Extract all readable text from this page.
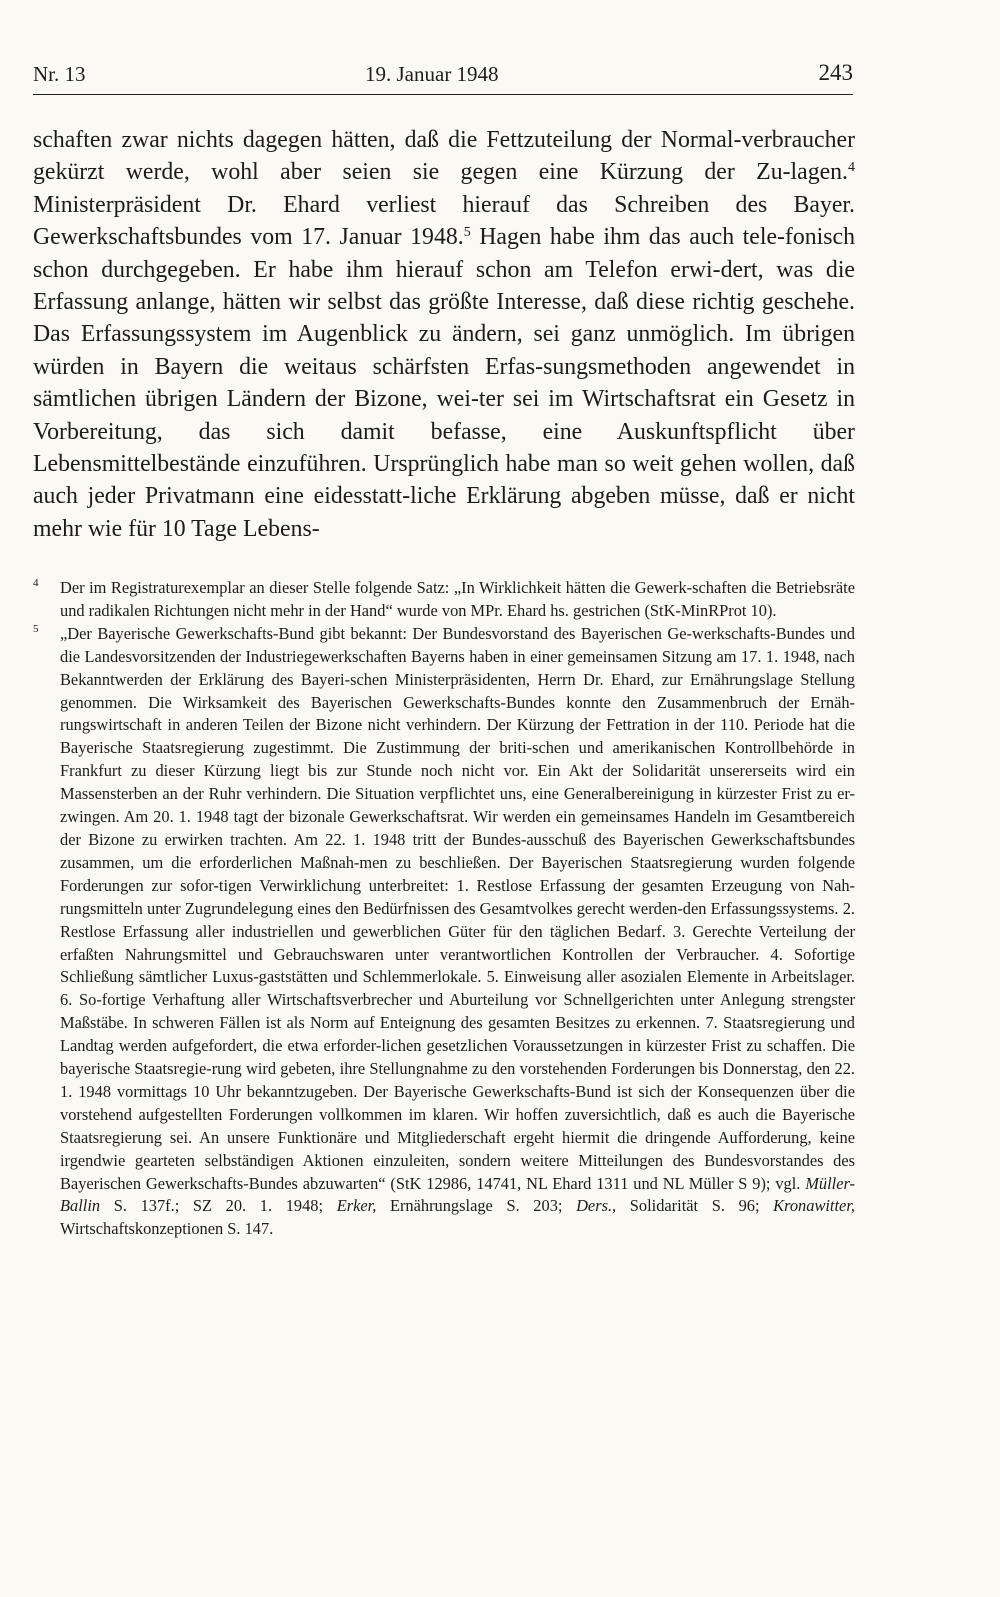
Nr. 13	19. Januar 1948	243

schaften zwar nichts dagegen hätten, daß die Fettzuteilung der Normal-verbraucher gekürzt werde, wohl aber seien sie gegen eine Kürzung der Zu-lagen.$^4$ Ministerpräsident Dr. Ehard verliest hierauf das Schreiben des Bayer. Gewerkschaftsbundes vom 17. Januar 1948.$^5$ Hagen habe ihm das auch tele-fonisch schon durchgegeben. Er habe ihm hierauf schon am Telefon erwi-dert, was die Erfassung anlange, hätten wir selbst das größte Interesse, daß diese richtig geschehe. Das Erfassungssystem im Augenblick zu ändern, sei ganz unmöglich. Im übrigen würden in Bayern die weitaus schärfsten Erfas-sungsmethoden angewendet in sämtlichen übrigen Ländern der Bizone, wei-ter sei im Wirtschaftsrat ein Gesetz in Vorbereitung, das sich damit befasse, eine Auskunftspflicht über Lebensmittelbestände einzuführen. Ursprünglich habe man so weit gehen wollen, daß auch jeder Privatmann eine eidesstatt-liche Erklärung abgeben müsse, daß er nicht mehr wie für 10 Tage Lebens-

4 Der im Registraturexemplar an dieser Stelle folgende Satz: „In Wirklichkeit hätten die Gewerk-schaften die Betriebsräte und radikalen Richtungen nicht mehr in der Hand“ wurde von MPr. Ehard hs. gestrichen (StK-MinRProt 10).

5 „Der Bayerische Gewerkschafts-Bund gibt bekannt: Der Bundesvorstand des Bayerischen Ge-werkschafts-Bundes und die Landesvorsitzenden der Industriegewerkschaften Bayerns haben in einer gemeinsamen Sitzung am 17. 1. 1948, nach Bekanntwerden der Erklärung des Bayeri-schen Ministerpräsidenten, Herrn Dr. Ehard, zur Ernährungslage Stellung genommen. Die Wirksamkeit des Bayerischen Gewerkschafts-Bundes konnte den Zusammenbruch der Ernäh-rungswirtschaft in anderen Teilen der Bizone nicht verhindern. Der Kürzung der Fettration in der 110. Periode hat die Bayerische Staatsregierung zugestimmt. Die Zustimmung der briti-schen und amerikanischen Kontrollbehörde in Frankfurt zu dieser Kürzung liegt bis zur Stunde noch nicht vor. Ein Akt der Solidarität unsererseits wird ein Massensterben an der Ruhr verhindern. Die Situation verpflichtet uns, eine Generalbereinigung in kürzester Frist zu er-zwingen. Am 20. 1. 1948 tagt der bizonale Gewerkschaftsrat. Wir werden ein gemeinsames Handeln im Gesamtbereich der Bizone zu erwirken trachten. Am 22. 1. 1948 tritt der Bundes-ausschuß des Bayerischen Gewerkschaftsbundes zusammen, um die erforderlichen Maßnah-men zu beschließen. Der Bayerischen Staatsregierung wurden folgende Forderungen zur sofor-tigen Verwirklichung unterbreitet: 1. Restlose Erfassung der gesamten Erzeugung von Nah-rungsmitteln unter Zugrundelegung eines den Bedürfnissen des Gesamtvolkes gerecht werden-den Erfassungssystems. 2. Restlose Erfassung aller industriellen und gewerblichen Güter für den täglichen Bedarf. 3. Gerechte Verteilung der erfaßten Nahrungsmittel und Gebrauchswaren unter verantwortlichen Kontrollen der Verbraucher. 4. Sofortige Schließung sämtlicher Luxus-gaststätten und Schlemmerlokale. 5. Einweisung aller asozialen Elemente in Arbeitslager. 6. So-fortige Verhaftung aller Wirtschaftsverbrecher und Aburteilung vor Schnellgerichten unter Anlegung strengster Maßstäbe. In schweren Fällen ist als Norm auf Enteignung des gesamten Besitzes zu erkennen. 7. Staatsregierung und Landtag werden aufgefordert, die etwa erforder-lichen gesetzlichen Voraussetzungen in kürzester Frist zu schaffen. Die bayerische Staatsregie-rung wird gebeten, ihre Stellungnahme zu den vorstehenden Forderungen bis Donnerstag, den 22. 1. 1948 vormittags 10 Uhr bekanntzugeben. Der Bayerische Gewerkschafts-Bund ist sich der Konsequenzen über die vorstehend aufgestellten Forderungen vollkommen im klaren. Wir hoffen zuversichtlich, daß es auch die Bayerische Staatsregierung sei. An unsere Funktionäre und Mitgliederschaft ergeht hiermit die dringende Aufforderung, keine irgendwie gearteten selbständigen Aktionen einzuleiten, sondern weitere Mitteilungen des Bundesvorstandes des Bayerischen Gewerkschafts-Bundes abzuwarten“ (StK 12986, 14741, NL Ehard 1311 und NL Müller S 9); vgl. Müller-Ballin S. 137f.; SZ 20. 1. 1948; Erker, Ernährungslage S. 203; Ders., Solidarität S. 96; Kronawitter, Wirtschaftskonzeptionen S. 147.
